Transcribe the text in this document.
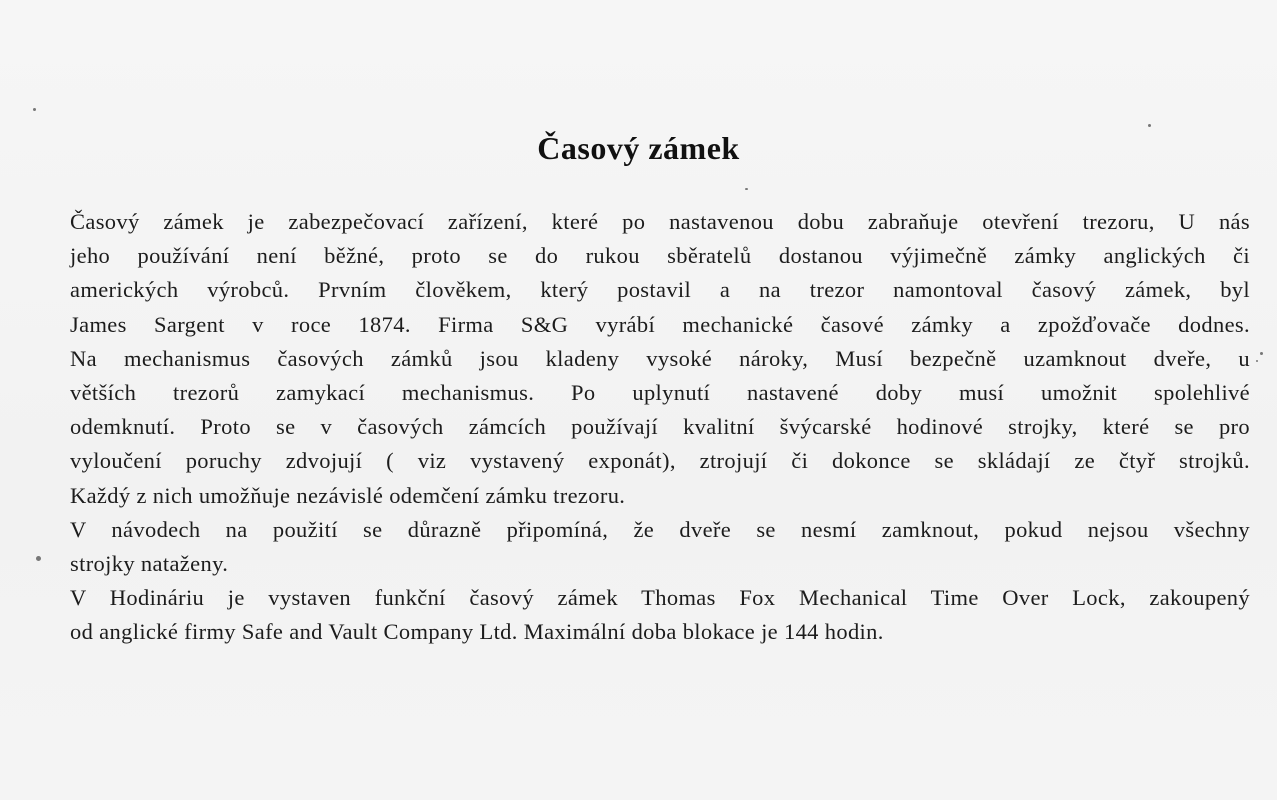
Časový zámek
Časový zámek je zabezpečovací zařízení, které po nastavenou dobu zabraňuje otevření trezoru, U nás
jeho používání není běžné, proto se do rukou sběratelů dostanou výjimečně zámky anglických či
amerických výrobců. Prvním člověkem, který postavil a na trezor namontoval časový zámek, byl
James Sargent v roce 1874. Firma S&G vyrábí mechanické časové zámky a zpožďovače dodnes.
Na mechanismus časových zámků jsou kladeny vysoké nároky, Musí bezpečně uzamknout dveře, u
větších trezorů zamykací mechanismus. Po uplynutí nastavené doby musí umožnit spolehlivé
odemknutí. Proto se v časových zámcích používají kvalitní švýcarské hodinové strojky, které se pro
vyloučení poruchy zdvojují ( viz vystavený exponát), ztrojují či dokonce se skládají ze čtyř strojků.
Každý z nich umožňuje nezávislé odemčení zámku trezoru.
V návodech na použití se důrazně připomíná, že dveře se nesmí zamknout, pokud nejsou všechny
strojky nataženy.
V Hodináriu je vystaven funkční časový zámek Thomas Fox Mechanical Time Over Lock, zakoupený
od anglické firmy Safe and Vault Company Ltd. Maximální doba blokace je 144 hodin.
